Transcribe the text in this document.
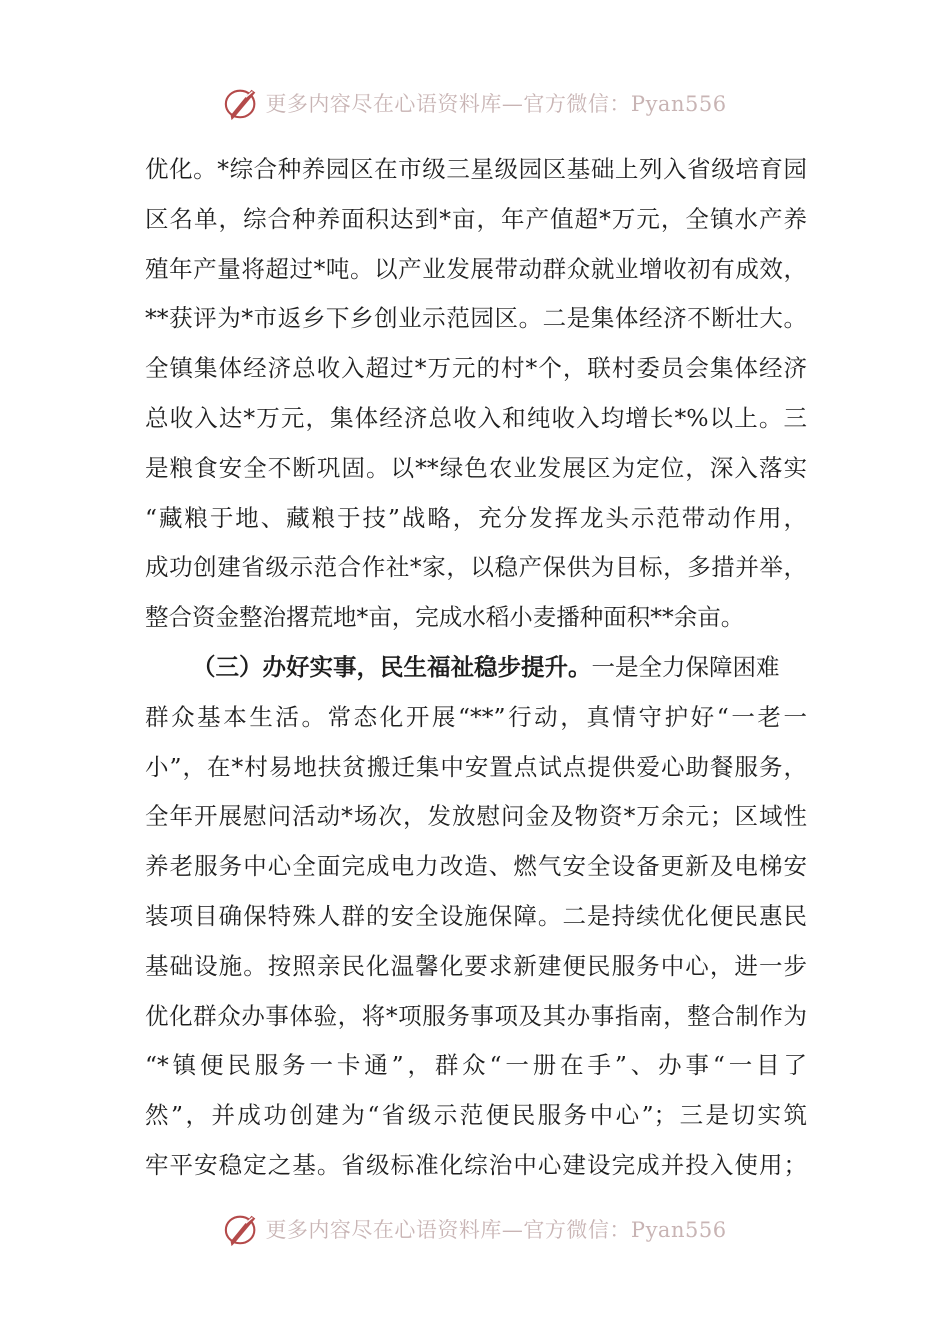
更多内容尽在心语资料库—官方微信：Pyan556

优化。*综合种养园区在市级三星级园区基础上列入省级培育园

区名单，综合种养面积达到*亩，年产值超*万元，全镇水产养

殖年产量将超过*吨。以产业发展带动群众就业增收初有成效，

**获评为*市返乡下乡创业示范园区。二是集体经济不断壮大。

全镇集体经济总收入超过*万元的村*个，联村委员会集体经济

总收入达*万元，集体经济总收入和纯收入均增长*%以上。三

是粮食安全不断巩固。以**绿色农业发展区为定位，深入落实

“藏粮于地、藏粮于技”战略，充分发挥龙头示范带动作用，

成功创建省级示范合作社*家，以稳产保供为目标，多措并举，

整合资金整治撂荒地*亩，完成水稻小麦播种面积**余亩。

（三）办好实事，民生福祉稳步提升。一是全力保障困难

群众基本生活。常态化开展“**”行动，真情守护好“一老一

小”，在*村易地扶贫搬迁集中安置点试点提供爱心助餐服务，

全年开展慰问活动*场次，发放慰问金及物资*万余元；区域性

养老服务中心全面完成电力改造、燃气安全设备更新及电梯安

装项目确保特殊人群的安全设施保障。二是持续优化便民惠民

基础设施。按照亲民化温馨化要求新建便民服务中心，进一步

优化群众办事体验，将*项服务事项及其办事指南，整合制作为

“*镇便民服务一卡通”，群众“一册在手”、办事“一目了

然”，并成功创建为“省级示范便民服务中心”；三是切实筑

牢平安稳定之基。省级标准化综治中心建设完成并投入使用；

更多内容尽在心语资料库—官方微信：Pyan556
